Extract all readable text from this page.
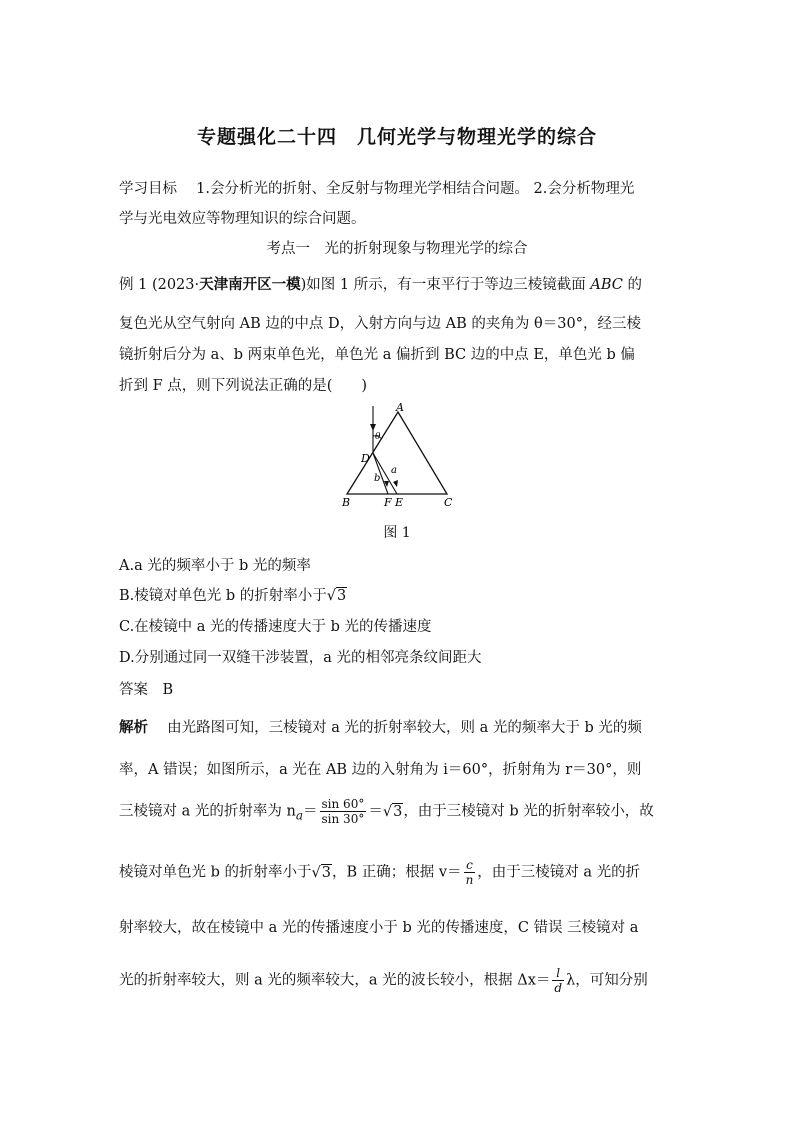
专题强化二十四　几何光学与物理光学的综合
学习目标　 1.会分析光的折射、全反射与物理光学相结合问题。 2.会分析物理光
学与光电效应等物理知识的综合问题。
考点一　光的折射现象与物理光学的综合
例 1 (2023·天津南开区一模)如图 1 所示，有一束平行于等边三棱镜截面 ABC 的
复色光从空气射向 AB 边的中点 D，入射方向与边 AB 的夹角为 θ＝30°，经三棱
镜折射后分为 a、b 两束单色光，单色光 a 偏折到 BC 边的中点 E，单色光 b 偏
折到 F 点，则下列说法正确的是(　　)
A
B	C
D
F E
θ
a
b
图 1
A.a 光的频率小于 b 光的频率
B.棱镜对单色光 b 的折射率小于√3
C.在棱镜中 a 光的传播速度大于 b 光的传播速度
D.分别通过同一双缝干涉装置，a 光的相邻亮条纹间距大
答案　 B
解析　 由光路图可知，三棱镜对 a 光的折射率较大，则 a 光的频率大于 b 光的频
率，A 错误；如图所示，a 光在 AB 边的入射角为 i＝60°，折射角为 r＝30°，则
三棱镜对 a 光的折射率为 $n_a= \frac{\sin 60^\circ}{\sin 30^\circ} =√3$，由于三棱镜对 b 光的折射率较小，故
棱镜对单色光 b 的折射率小于√3，B 正确；根据 $v= \frac{c}{n}$ ，由于三棱镜对 a 光的折
射率较大，故在棱镜中 a 光的传播速度小于 b 光的传播速度，C 错误 三棱镜对 a
光的折射率较大，则 a 光的频率较大，a 光的波长较小，根据 $\Delta x= \frac{l}{d}$ λ，可知分别
